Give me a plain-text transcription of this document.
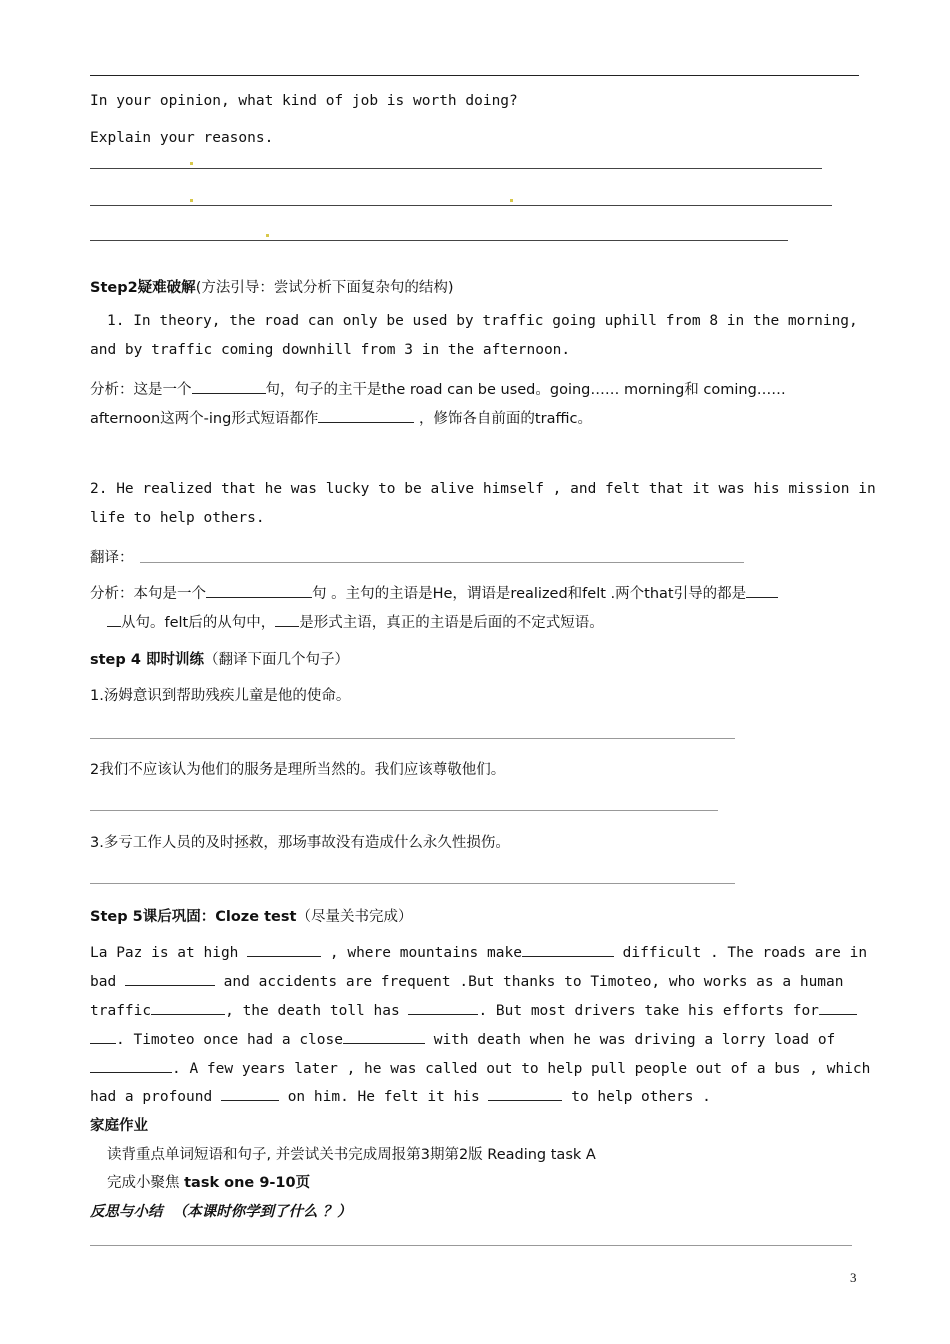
In your opinion, what kind of job is worth doing?
Explain your reasons.
Step2疑难破解(方法引导：尝试分析下面复杂句的结构)
1. In theory, the road can only be used by traffic going uphill from 8 in the morning,
and by traffic coming downhill from 3 in the afternoon.
分析：这是一个	句，句子的主干是the road can be used。going…… morning和 coming……
afternoon这两个-ing形式短语都作	，修饰各自前面的traffic。
2. He realized that he was lucky to be alive himself , and felt that it was his mission in
life to help others.
翻译：
分析：本句是一个	句 。主句的主语是He，谓语是realized和felt .两个that引导的都是
从句。felt后的从句中， 是形式主语，真正的主语是后面的不定式短语。
step 4 即时训练（翻译下面几个句子）
1.汤姆意识到帮助残疾儿童是他的使命。
2我们不应该认为他们的服务是理所当然的。我们应该尊敬他们。
3.多亏工作人员的及时拯救，那场事故没有造成什么永久性损伤。
Step 5课后巩固：Cloze test（尽量关书完成）
La Paz is at high	, where mountains make	difficult . The roads are in
bad	and accidents are frequent .But thanks to Timoteo, who works as a human
traffic	, the death toll has	. But most drivers take his efforts for
. Timoteo once had a close	with death when he was driving a lorry load of
. A few years later , he was called out to help pull people out of a bus , which
had a profound	on him. He felt it his	to help others .
家庭作业
读背重点单词短语和句子, 并尝试关书完成周报第3期第2版 Reading task A
完成小聚焦 task one 9-10页
反思与小结 （本课时你学到了什么 ？）
3
